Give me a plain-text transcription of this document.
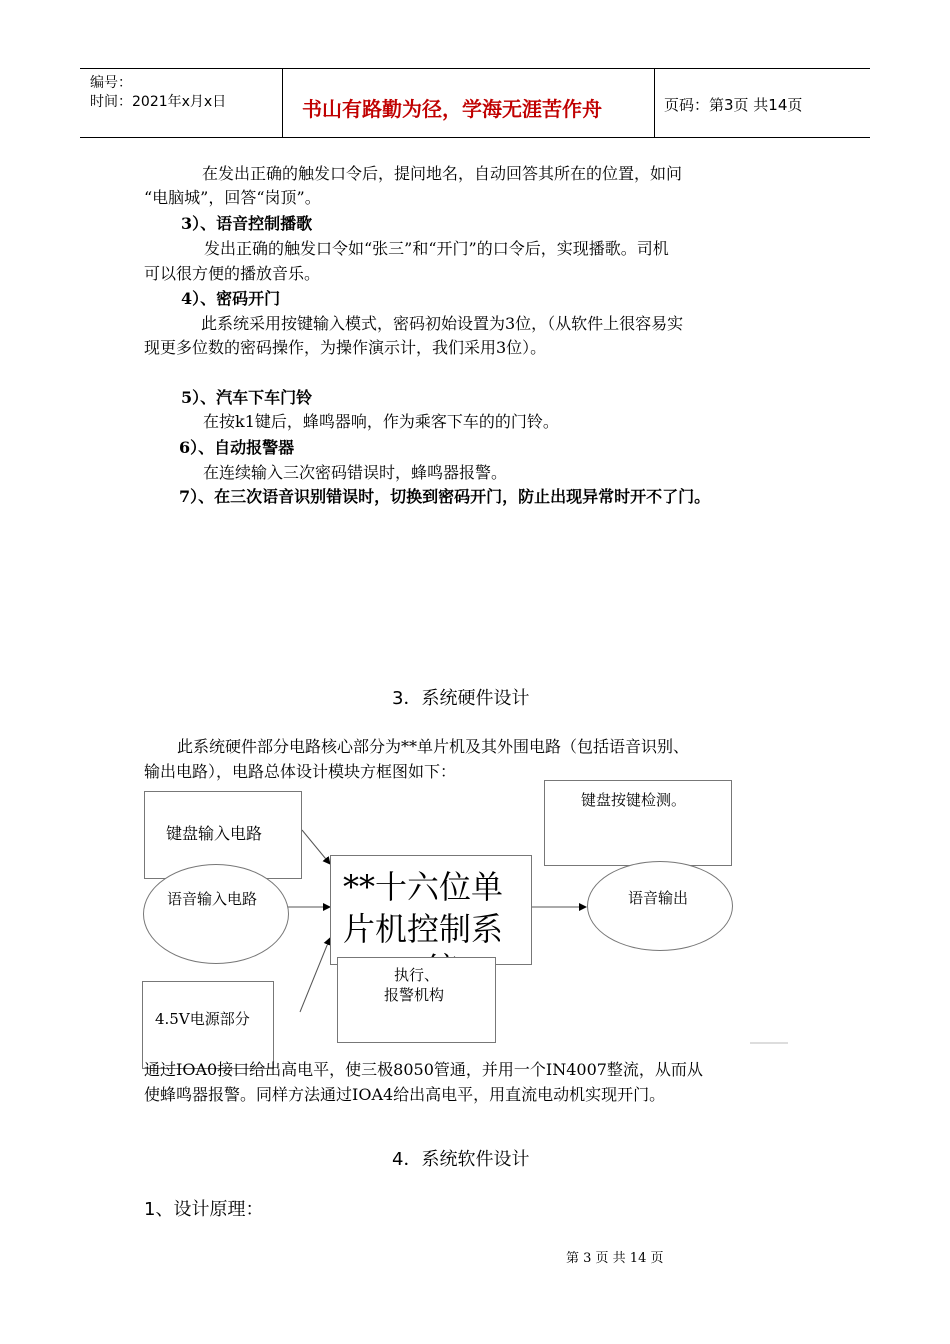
编号：
时间：2021年x月x日	书山有路勤为径，学海无涯苦作舟	页码：第3页 共14页
在发出正确的触发口令后，提问地名，自动回答其所在的位置，如问
“电脑城”，回答“岗顶”。
3）、语音控制播歌
发出正确的触发口令如“张三”和“开门”的口令后，实现播歌。司机
可以很方便的播放音乐。
4）、密码开门
此系统采用按键输入模式，密码初始设置为3位，（从软件上很容易实
现更多位数的密码操作，为操作演示计，我们采用3位）。
5）、汽车下车门铃
在按k1键后，蜂鸣器响，作为乘客下车的的门铃。
6）、自动报警器
在连续输入三次密码错误时，蜂鸣器报警。
7）、在三次语音识别错误时，切换到密码开门，防止出现异常时开不了门。
3．系统硬件设计
此系统硬件部分电路核心部分为**单片机及其外围电路（包括语音识别、
输出电路），电路总体设计模块方框图如下：
键盘输入电路
语音输入电路	**十六位单
片机控制系
键盘按键检测。
语音输出
执行、
报警机构
4.5V电源部分
通过IOA0接口给出高电平，使三极8050管通，并用一个IN4007整流，从而从
使蜂鸣器报警。同样方法通过IOA4给出高电平，用直流电动机实现开门。
4．系统软件设计
1、设计原理：
第 3 页 共 14 页
